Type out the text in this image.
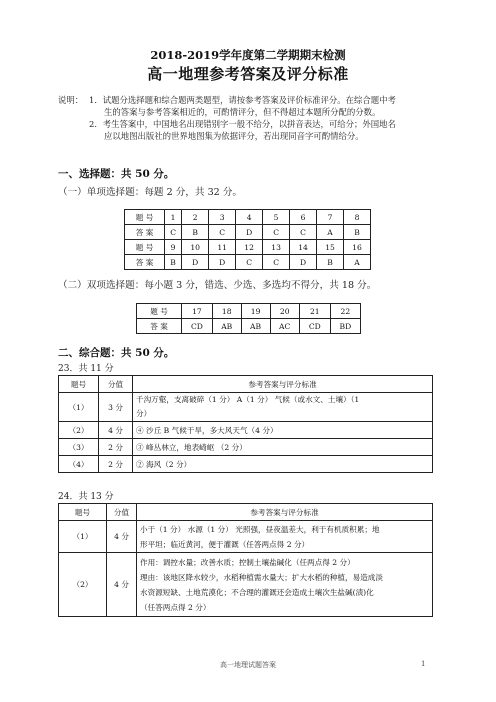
2018-2019学年度第二学期期末检测
高一地理参考答案及评分标准
说明： 1．试题分选择题和综合题两类题型，请按参考答案及评价标准评分。在综合题中考
生的答案与参考答案相近的，可酌情评分，但不得超过本题所分配的分数。
2．考生答案中，中国地名出现错别字一般不给分，以拼音表达，可给分；外国地名
应以地图出版社的世界地图集为依据评分，若出现同音字可酌情给分。
一、选择题：共 50 分。
（一）单项选择题：每题 2 分，共 32 分。
题 号	1	2	3	4	5	6	7	8
答 案	C	B	C	D	C	C	A	B
题 号	9	10	11	12	13	14	15	16
答 案	B	D	D	C	C	D	B	A
（二）双项选择题：每小题 3 分，错选、少选、多选均不得分，共 18 分。
题 号	17	18	19	20	21	22
答 案	CD	AB	AB	AC	CD	BD
二、综合题：共 50 分。
23．共 11 分
题号	分值	参考答案与评分标准
（1）	3 分	千沟万壑，支离破碎（1 分） A（1 分） 气候（或水文、土壤）（1
分）

（2）	4 分	④ 沙丘 B 气候干旱，多大风天气（4 分）
（3）	2 分	③ 峰丛林立，地表崎岖 （2 分）
（4）	2 分	② 海风（2 分）
24．共 13 分
题号	分值	参考答案与评分标准
（1）	4 分	小于（1 分） 水源（1 分） 光照强，昼夜温差大，利于有机质积累；地
形平坦；临近黄河，便于灌溉（任答两点得 2 分）

（2）	4 分	作用：调控水量；改善水质；控制土壤盐碱化（任两点得 2 分）
理由：该地区降水较少，水稻种植需水量大；扩大水稻的种植，易造成淡
水资源短缺、土地荒漠化；不合理的灌溉还会造成土壤次生盐碱(渍)化
（任答两点得 2 分）
高一地理试题答案	1
